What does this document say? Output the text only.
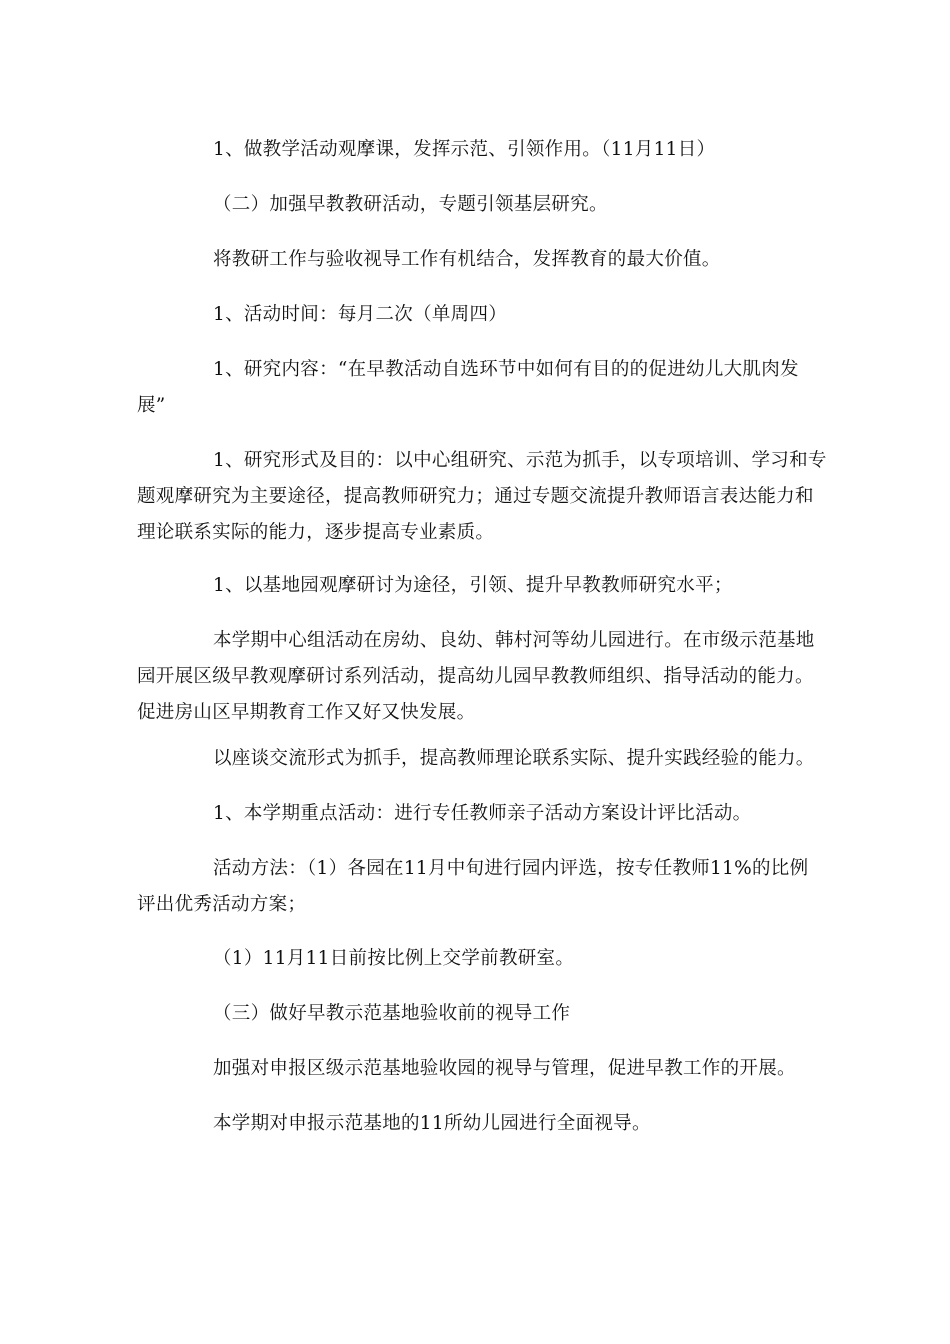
1、做教学活动观摩课，发挥示范、引领作用。（11月11日）

（二）加强早教教研活动，专题引领基层研究。

将教研工作与验收视导工作有机结合，发挥教育的最大价值。

1、活动时间：每月二次（单周四）

1、研究内容：“在早教活动自选环节中如何有目的的促进幼儿大肌肉发展”

1、研究形式及目的：以中心组研究、示范为抓手，以专项培训、学习和专题观摩研究为主要途径，提高教师研究力；通过专题交流提升教师语言表达能力和理论联系实际的能力，逐步提高专业素质。

1、以基地园观摩研讨为途径，引领、提升早教教师研究水平；

本学期中心组活动在房幼、良幼、韩村河等幼儿园进行。在市级示范基地园开展区级早教观摩研讨系列活动，提高幼儿园早教教师组织、指导活动的能力。促进房山区早期教育工作又好又快发展。

以座谈交流形式为抓手，提高教师理论联系实际、提升实践经验的能力。

1、本学期重点活动：进行专任教师亲子活动方案设计评比活动。

活动方法：（1）各园在11月中旬进行园内评选，按专任教师11%的比例评出优秀活动方案；

（1）11月11日前按比例上交学前教研室。

（三）做好早教示范基地验收前的视导工作

加强对申报区级示范基地验收园的视导与管理，促进早教工作的开展。

本学期对申报示范基地的11所幼儿园进行全面视导。
